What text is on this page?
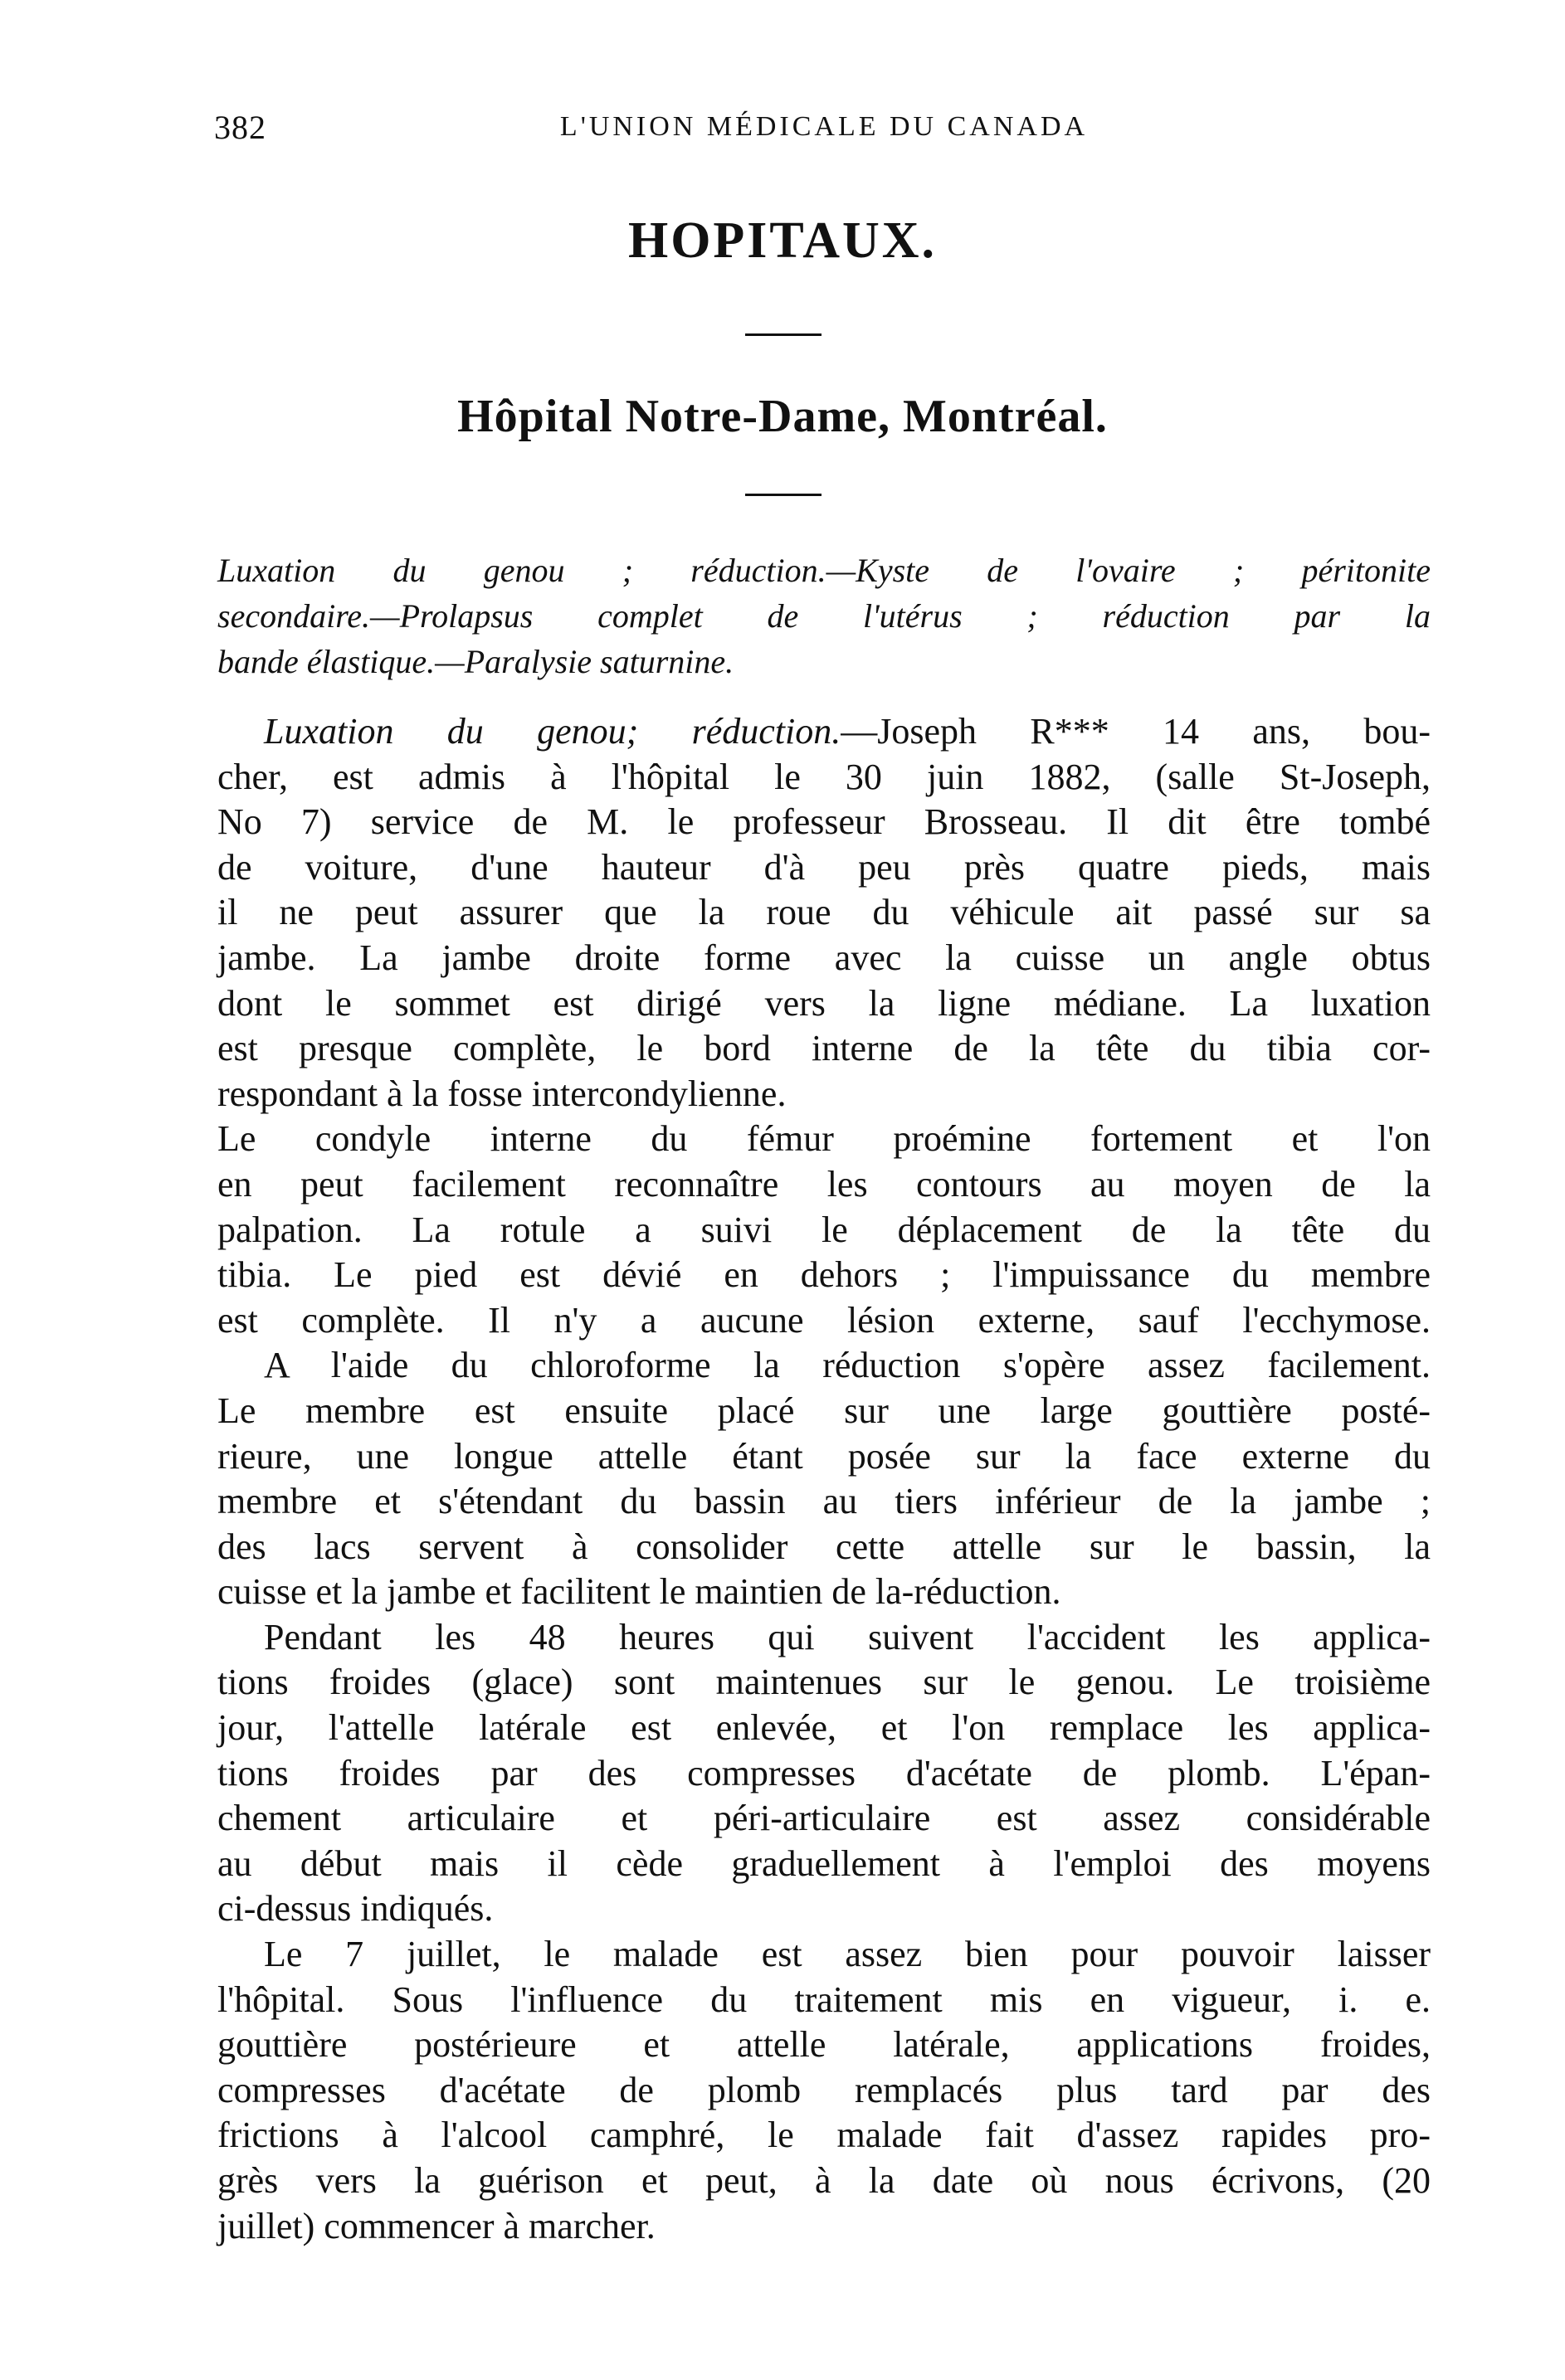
382	L'UNION MÉDICALE DU CANADA
HOPITAUX.
Hôpital Notre-Dame, Montréal.
Luxation du genou ; réduction.—Kyste de l'ovaire ; péritonite
secondaire.—Prolapsus complet de l'utérus ; réduction par la
bande élastique.—Paralysie saturnine.
Luxation du genou; réduction.—Joseph R*** 14 ans, bou-
cher, est admis à l'hôpital le 30 juin 1882, (salle St-Joseph,
No 7) service de M. le professeur Brosseau. Il dit être tombé
de voiture, d'une hauteur d'à peu près quatre pieds, mais
il ne peut assurer que la roue du véhicule ait passé sur sa
jambe. La jambe droite forme avec la cuisse un angle obtus
dont le sommet est dirigé vers la ligne médiane. La luxation
est presque complète, le bord interne de la tête du tibia cor-
respondant à la fosse intercondylienne.
Le condyle interne du fémur proémine fortement et l'on
en peut facilement reconnaître les contours au moyen de la
palpation. La rotule a suivi le déplacement de la tête du
tibia. Le pied est dévié en dehors ; l'impuissance du membre
est complète. Il n'y a aucune lésion externe, sauf l'ecchymose.
A l'aide du chloroforme la réduction s'opère assez facilement.
Le membre est ensuite placé sur une large gouttière posté-
rieure, une longue attelle étant posée sur la face externe du
membre et s'étendant du bassin au tiers inférieur de la jambe ;
des lacs servent à consolider cette attelle sur le bassin, la
cuisse et la jambe et facilitent le maintien de la-réduction.
Pendant les 48 heures qui suivent l'accident les applica-
tions froides (glace) sont maintenues sur le genou. Le troisième
jour, l'attelle latérale est enlevée, et l'on remplace les applica-
tions froides par des compresses d'acétate de plomb. L'épan-
chement articulaire et péri-articulaire est assez considérable
au début mais il cède graduellement à l'emploi des moyens
ci-dessus indiqués.
Le 7 juillet, le malade est assez bien pour pouvoir laisser
l'hôpital. Sous l'influence du traitement mis en vigueur, i. e.
gouttière postérieure et attelle latérale, applications froides,
compresses d'acétate de plomb remplacés plus tard par des
frictions à l'alcool camphré, le malade fait d'assez rapides pro-
grès vers la guérison et peut, à la date où nous écrivons, (20
juillet) commencer à marcher.
